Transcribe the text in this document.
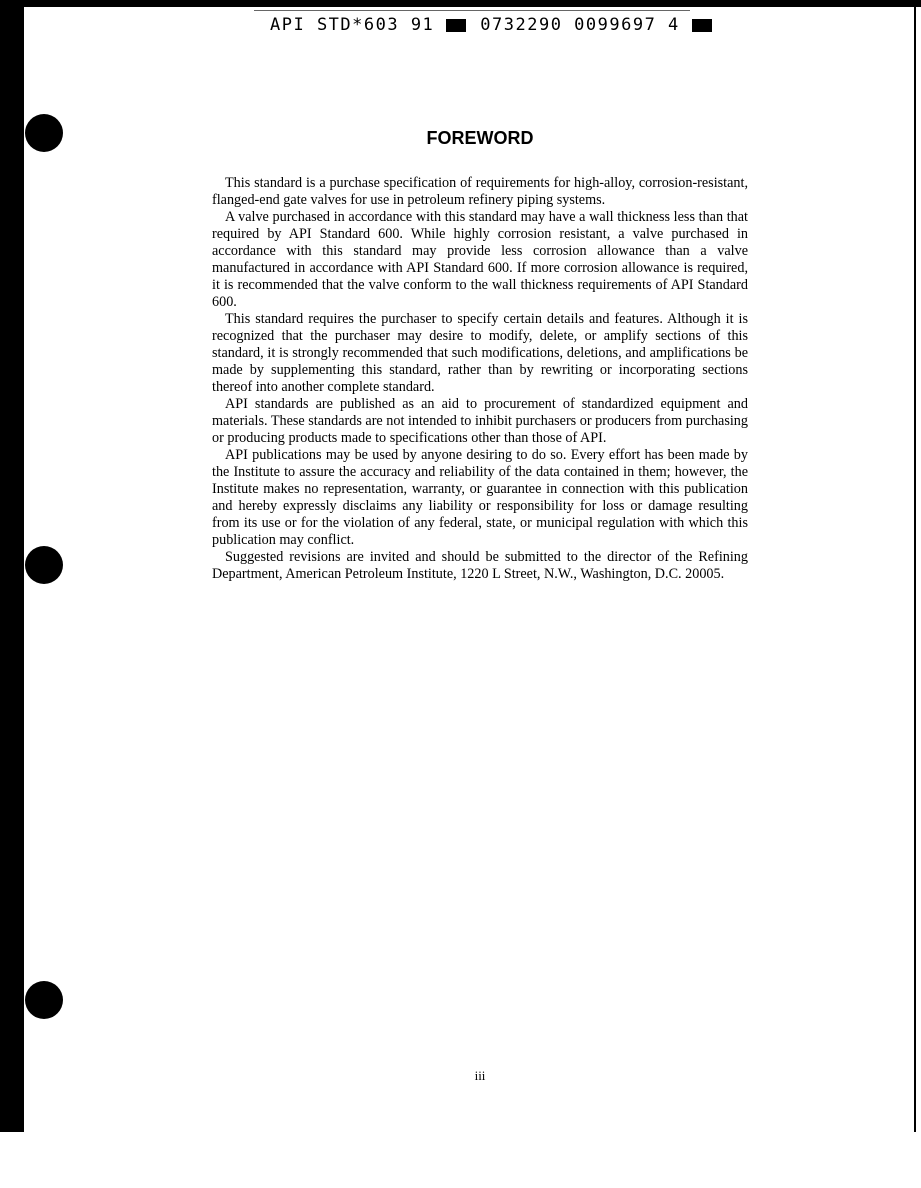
API STD*603 91	0732290 0099697 4
FOREWORD

This standard is a purchase specification of requirements for high-alloy, corrosion-resistant, flanged-end gate valves for use in petroleum refinery piping systems.

A valve purchased in accordance with this standard may have a wall thickness less than that required by API Standard 600. While highly corrosion resistant, a valve purchased in accordance with this standard may provide less corrosion allowance than a valve manufactured in accordance with API Standard 600. If more corrosion allowance is required, it is recommended that the valve conform to the wall thickness requirements of API Standard 600.

This standard requires the purchaser to specify certain details and features. Although it is recognized that the purchaser may desire to modify, delete, or amplify sections of this standard, it is strongly recommended that such modifications, deletions, and amplifications be made by supplementing this standard, rather than by rewriting or incorporating sections thereof into another complete standard.

API standards are published as an aid to procurement of standardized equipment and materials. These standards are not intended to inhibit purchasers or producers from purchasing or producing products made to specifications other than those of API.

API publications may be used by anyone desiring to do so. Every effort has been made by the Institute to assure the accuracy and reliability of the data contained in them; however, the Institute makes no representation, warranty, or guarantee in connection with this publication and hereby expressly disclaims any liability or responsibility for loss or damage resulting from its use or for the violation of any federal, state, or municipal regulation with which this publication may conflict.

Suggested revisions are invited and should be submitted to the director of the Refining Department, American Petroleum Institute, 1220 L Street, N.W., Washington, D.C. 20005.

iii
